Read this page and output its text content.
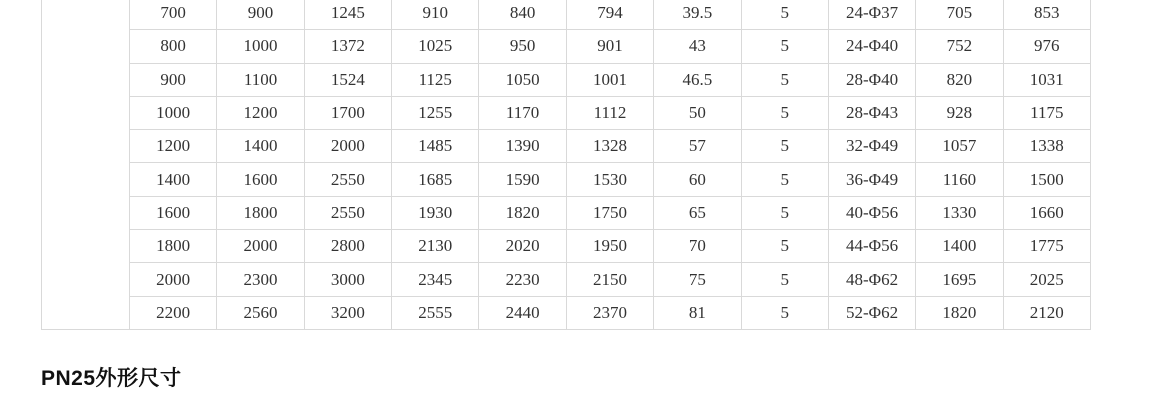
	700	900	1245	910	840	794	39.5	5	24-Φ37	705	853
	800	1000	1372	1025	950	901	43	5	24-Φ40	752	976
	900	1100	1524	1125	1050	1001	46.5	5	28-Φ40	820	1031
	1000	1200	1700	1255	1170	1112	50	5	28-Φ43	928	1175
	1200	1400	2000	1485	1390	1328	57	5	32-Φ49	1057	1338
	1400	1600	2550	1685	1590	1530	60	5	36-Φ49	1160	1500
	1600	1800	2550	1930	1820	1750	65	5	40-Φ56	1330	1660
	1800	2000	2800	2130	2020	1950	70	5	44-Φ56	1400	1775
	2000	2300	3000	2345	2230	2150	75	5	48-Φ62	1695	2025
	2200	2560	3200	2555	2440	2370	81	5	52-Φ62	1820	2120
PN25外形尺寸
